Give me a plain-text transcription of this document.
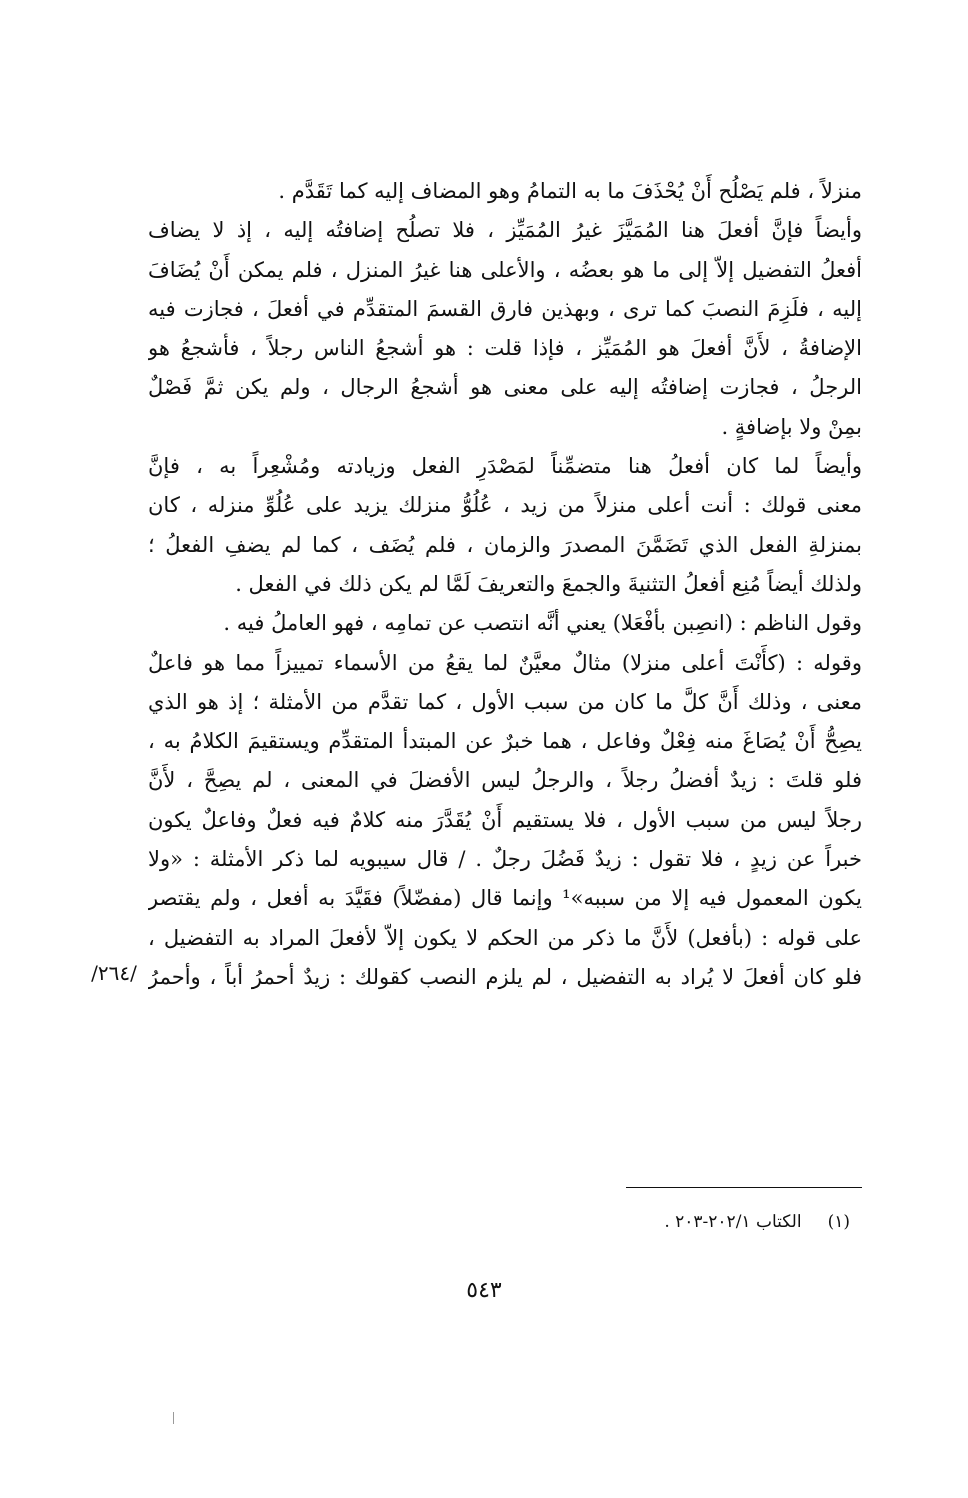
منزلاً ، فلم يَصْلُح أَنْ يُحْذَفَ ما به التمامُ وهو المضاف إليه كما تَقَدَّم .
وأيضاً فإنَّ أفعلَ هنا المُمَيَّزَ غيرُ المُمَيِّز ، فلا تصلُح إضافتُه إليه ، إذ لا يضاف
أفعلُ التفضيل إلاّ إلى ما هو بعضُه ، والأعلى هنا غيرُ المنزل ، فلم يمكن أَنْ يُضَافَ
إليه ، فلَزِمَ النصبَ كما ترى ، وبهذين فارق القسمَ المتقدِّم في أفعلَ ، فجازت فيه
الإضافةُ ، لأَنَّ أفعلَ هو المُمَيِّز ، فإذا قلت : هو أشجعُ الناس رجلاً ، فأشجعُ هو
الرجلُ ، فجازت إضافتُه إليه على معنى هو أشجعُ الرجال ، ولم يكن ثمَّ فَصْلٌ
بمِنْ ولا بإضافةٍ .
وأيضاً لما كان أفعلُ هنا متضمِّناً لمَصْدَرِ الفعل وزيادته ومُشْعِراً به ، فإنَّ
معنى قولك : أنت أعلى منزلاً من زيد ، عُلُوُّ منزلك يزيد على عُلُوِّ منزله ، كان
بمنزلةِ الفعل الذي تَضَمَّنَ المصدرَ والزمان ، فلم يُضَف ، كما لم يضفِ الفعلُ ؛
ولذلك أيضاً مُنِع أفعلُ التثنيةَ والجمعَ والتعريفَ لَمَّا لم يكن ذلك في الفعل .
وقول الناظم : (انصِبن بأفْعَلا) يعني أنَّه انتصب عن تمامِه ، فهو العاملُ فيه .
وقوله : (كأَنْتَ أعلى منزلا) مثالٌ معيَّنٌ لما يقعُ من الأسماء تمييزاً مما هو فاعلٌ
معنى ، وذلك أَنَّ كلَّ ما كان من سبب الأول ، كما تقدَّم من الأمثلة ؛ إذ هو الذي
يصِحُّ أَنْ يُصَاغَ منه فِعْلٌ وفاعل ، هما خبرٌ عن المبتدأ المتقدِّم ويستقيمَ الكلامُ به ،
فلو قلتَ : زيدٌ أفضلُ رجلاً ، والرجلُ ليس الأفضلَ في المعنى ، لم يصِحَّ ، لأَنَّ
رجلاً ليس من سبب الأول ، فلا يستقيم أَنْ يُقَدَّرَ منه كلامٌ فيه فعلٌ وفاعلٌ يكون
خبراً عن زيدٍ ، فلا تقول : زيدٌ فَضُلَ رجلٌ . / قال سيبويه لما ذكر الأمثلة : «ولا
يكون المعمول فيه إلا من سببه»¹ وإنما قال (مفضّلاً) فقَيَّدَ به أفعل ، ولم يقتصر
على قوله : (بأفعل) لأَنَّ ما ذكر من الحكم لا يكون إلاّ لأفعلَ المراد به التفضيل ،
فلو كان أفعلَ لا يُراد به التفضيل ، لم يلزم النصب كقولك : زيدٌ أحمرُ أباً ، وأحمرُ
/٢٦٤/
(١)الكتاب ٢٠٢/١-٢٠٣ .
٥٤٣
